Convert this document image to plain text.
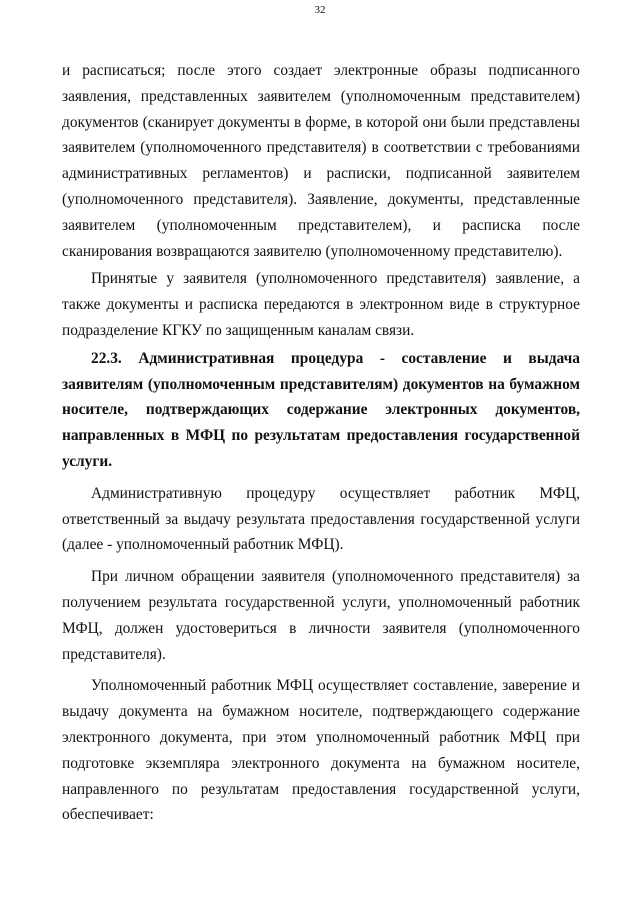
32

и расписаться; после этого создает электронные образы подписанного заявления, представленных заявителем (уполномоченным представителем) документов (сканирует документы в форме, в которой они были представлены заявителем (уполномоченного представителя) в соответствии с требованиями административных регламентов) и расписки, подписанной заявителем (уполномоченного представителя). Заявление, документы, представленные заявителем (уполномоченным представителем), и расписка после сканирования возвращаются заявителю (уполномоченному представителю).

Принятые у заявителя (уполномоченного представителя) заявление, а также документы и расписка передаются в электронном виде в структурное подразделение КГКУ по защищенным каналам связи.

22.3. Административная процедура - составление и выдача заявителям (уполномоченным представителям) документов на бумажном носителе, подтверждающих содержание электронных документов, направленных в МФЦ по результатам предоставления государственной услуги.

Административную процедуру осуществляет работник МФЦ, ответственный за выдачу результата предоставления государственной услуги (далее - уполномоченный работник МФЦ).

При личном обращении заявителя (уполномоченного представителя) за получением результата государственной услуги, уполномоченный работник МФЦ, должен удостовериться в личности заявителя (уполномоченного представителя).

Уполномоченный работник МФЦ осуществляет составление, заверение и выдачу документа на бумажном носителе, подтверждающего содержание электронного документа, при этом уполномоченный работник МФЦ при подготовке экземпляра электронного документа на бумажном носителе, направленного по результатам предоставления государственной услуги, обеспечивает:
